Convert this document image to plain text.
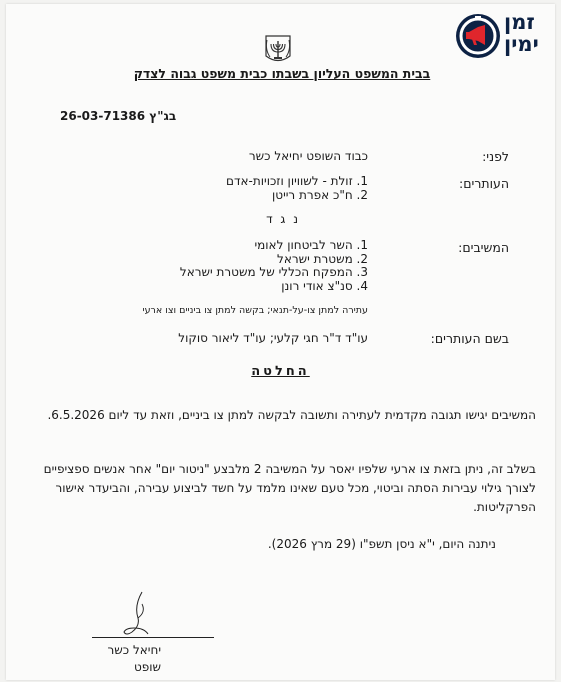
זמן
ימין
בבית המשפט העליון בשבתו כבית משפט גבוה לצדק
בג"ץ 26-03-71386
לפני:
כבוד השופט יחיאל כשר
העותרים:
1. זולת - לשוויון וזכויות-אדם
2. ח"כ אפרת רייטן
נ ג ד
המשיבים:
1. השר לביטחון לאומי
2. משטרת ישראל
3. המפקח הכללי של משטרת ישראל
4. סנ"צ אודי רונן
עתירה למתן צו-על-תנאי; בקשה למתן צו ביניים וצו ארעי
בשם העותרים:
עו"ד ד"ר חגי קלעי; עו"ד ליאור סוקול
החלטה
המשיבים יגישו תגובה מקדמית לעתירה ותשובה לבקשה למתן צו ביניים, וזאת עד ליום 6.5.2026.
בשלב זה, ניתן בזאת צו ארעי שלפיו יאסר על המשיבה 2 מלבצע "ניטור יום" אחר אנשים ספציפיים לצורך גילוי עבירות הסתה וביטוי, מכל טעם שאינו מלמד על חשד לביצוע עבירה, והביעדר אישור הפרקליטות.
ניתנה היום, י"א ניסן תשפ"ו (29 מרץ 2026).
יחיאל כשר
שופט
